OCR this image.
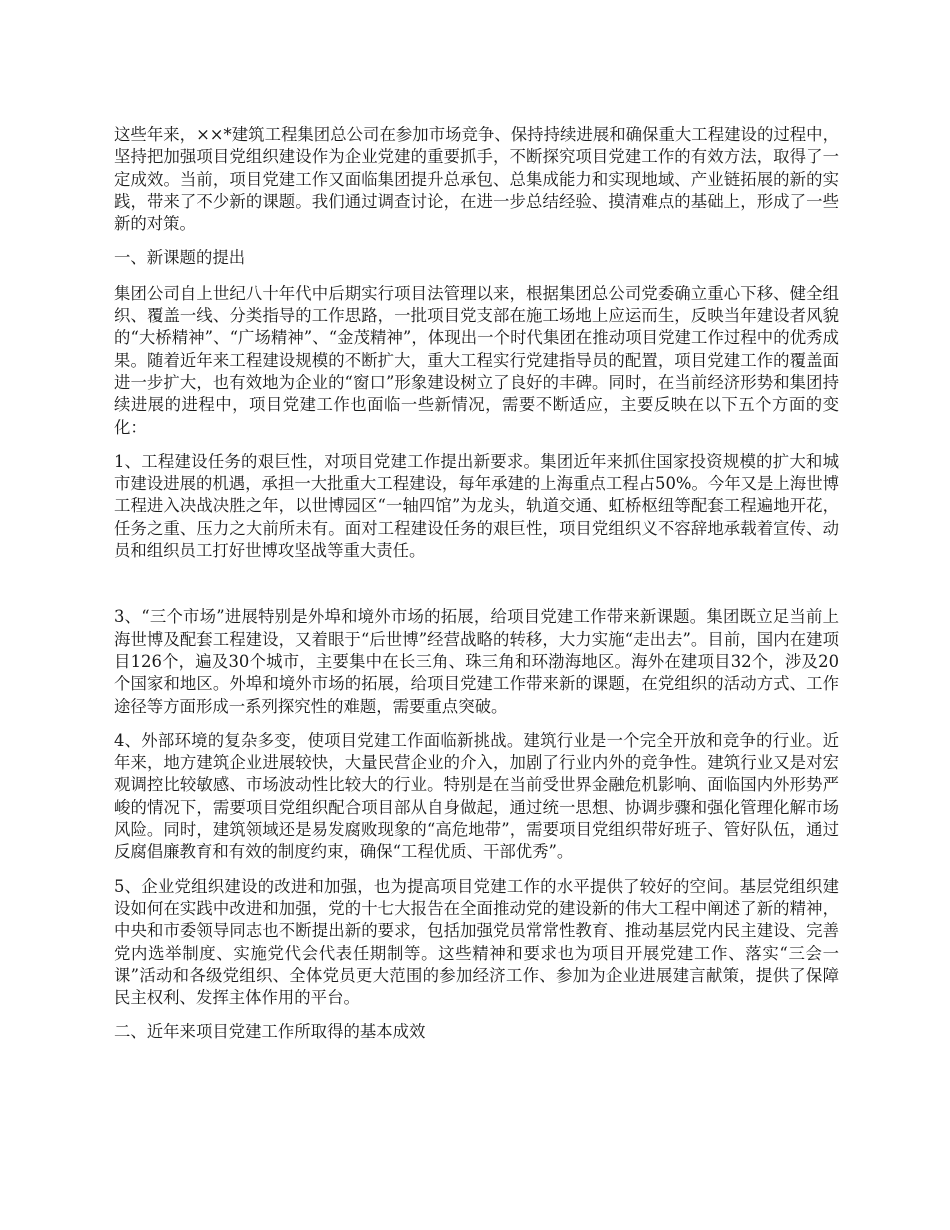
这些年来，××*建筑工程集团总公司在参加市场竞争、保持持续进展和确保重大工程建设的过程中，坚持把加强项目党组织建设作为企业党建的重要抓手，不断探究项目党建工作的有效方法，取得了一定成效。当前，项目党建工作又面临集团提升总承包、总集成能力和实现地域、产业链拓展的新的实践，带来了不少新的课题。我们通过调查讨论，在进一步总结经验、摸清难点的基础上，形成了一些新的对策。

一、新课题的提出

集团公司自上世纪八十年代中后期实行项目法管理以来，根据集团总公司党委确立重心下移、健全组织、覆盖一线、分类指导的工作思路，一批项目党支部在施工场地上应运而生，反映当年建设者风貌的“大桥精神”、“广场精神”、“金茂精神”，体现出一个时代集团在推动项目党建工作过程中的优秀成果。随着近年来工程建设规模的不断扩大，重大工程实行党建指导员的配置，项目党建工作的覆盖面进一步扩大，也有效地为企业的“窗口”形象建设树立了良好的丰碑。同时，在当前经济形势和集团持续进展的进程中，项目党建工作也面临一些新情况，需要不断适应，主要反映在以下五个方面的变化：

1、工程建设任务的艰巨性，对项目党建工作提出新要求。集团近年来抓住国家投资规模的扩大和城市建设进展的机遇，承担一大批重大工程建设，每年承建的上海重点工程占50%。今年又是上海世博工程进入决战决胜之年，以世博园区“一轴四馆”为龙头，轨道交通、虹桥枢纽等配套工程遍地开花，任务之重、压力之大前所未有。面对工程建设任务的艰巨性，项目党组织义不容辞地承载着宣传、动员和组织员工打好世博攻坚战等重大责任。

3、“三个市场”进展特别是外埠和境外市场的拓展，给项目党建工作带来新课题。集团既立足当前上海世博及配套工程建设，又着眼于“后世博”经营战略的转移，大力实施“走出去”。目前，国内在建项目126个，遍及30个城市，主要集中在长三角、珠三角和环渤海地区。海外在建项目32个，涉及20个国家和地区。外埠和境外市场的拓展，给项目党建工作带来新的课题，在党组织的活动方式、工作途径等方面形成一系列探究性的难题，需要重点突破。

4、外部环境的复杂多变，使项目党建工作面临新挑战。建筑行业是一个完全开放和竞争的行业。近年来，地方建筑企业进展较快，大量民营企业的介入，加剧了行业内外的竞争性。建筑行业又是对宏观调控比较敏感、市场波动性比较大的行业。特别是在当前受世界金融危机影响、面临国内外形势严峻的情况下，需要项目党组织配合项目部从自身做起，通过统一思想、协调步骤和强化管理化解市场风险。同时，建筑领域还是易发腐败现象的“高危地带”，需要项目党组织带好班子、管好队伍，通过反腐倡廉教育和有效的制度约束，确保“工程优质、干部优秀”。

5、企业党组织建设的改进和加强，也为提高项目党建工作的水平提供了较好的空间。基层党组织建设如何在实践中改进和加强，党的十七大报告在全面推动党的建设新的伟大工程中阐述了新的精神，中央和市委领导同志也不断提出新的要求，包括加强党员常常性教育、推动基层党内民主建设、完善党内选举制度、实施党代会代表任期制等。这些精神和要求也为项目开展党建工作、落实“三会一课”活动和各级党组织、全体党员更大范围的参加经济工作、参加为企业进展建言献策，提供了保障民主权利、发挥主体作用的平台。

二、近年来项目党建工作所取得的基本成效
